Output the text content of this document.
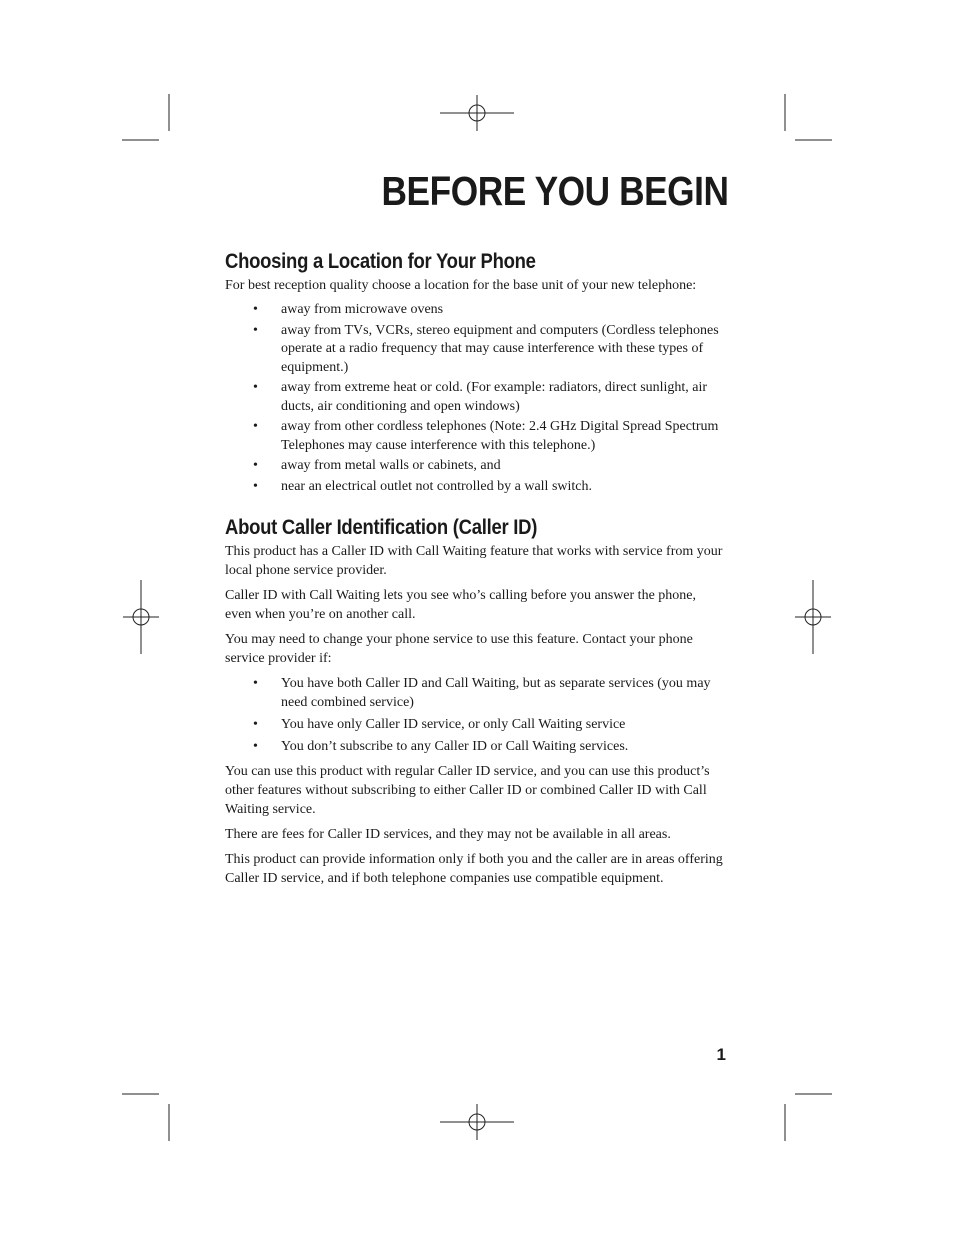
BEFORE YOU BEGIN
Choosing a Location for Your Phone

For best reception quality choose a location for the base unit of your new telephone:

• away from microwave ovens
• away from TVs, VCRs, stereo equipment and computers (Cordless telephones operate at a radio frequency that may cause interference with these types of equipment.)
• away from extreme heat or cold. (For example: radiators, direct sunlight, air ducts, air conditioning and open windows)
• away from other cordless telephones (Note: 2.4 GHz Digital Spread Spectrum Telephones may cause interference with this telephone.)
• away from metal walls or cabinets, and
• near an electrical outlet not controlled by a wall switch.
About Caller Identification (Caller ID)

This product has a Caller ID with Call Waiting feature that works with service from your local phone service provider.

Caller ID with Call Waiting lets you see who’s calling before you answer the phone, even when you’re on another call.

You may need to change your phone service to use this feature. Contact your phone service provider if:

• You have both Caller ID and Call Waiting, but as separate services (you may need combined service)
• You have only Caller ID service, or only Call Waiting service
• You don’t subscribe to any Caller ID or Call Waiting services.

You can use this product with regular Caller ID service, and you can use this product’s other features without subscribing to either Caller ID or combined Caller ID with Call Waiting service.

There are fees for Caller ID services, and they may not be available in all areas.

This product can provide information only if both you and the caller are in areas offering Caller ID service, and if both telephone companies use compatible equipment.

1
